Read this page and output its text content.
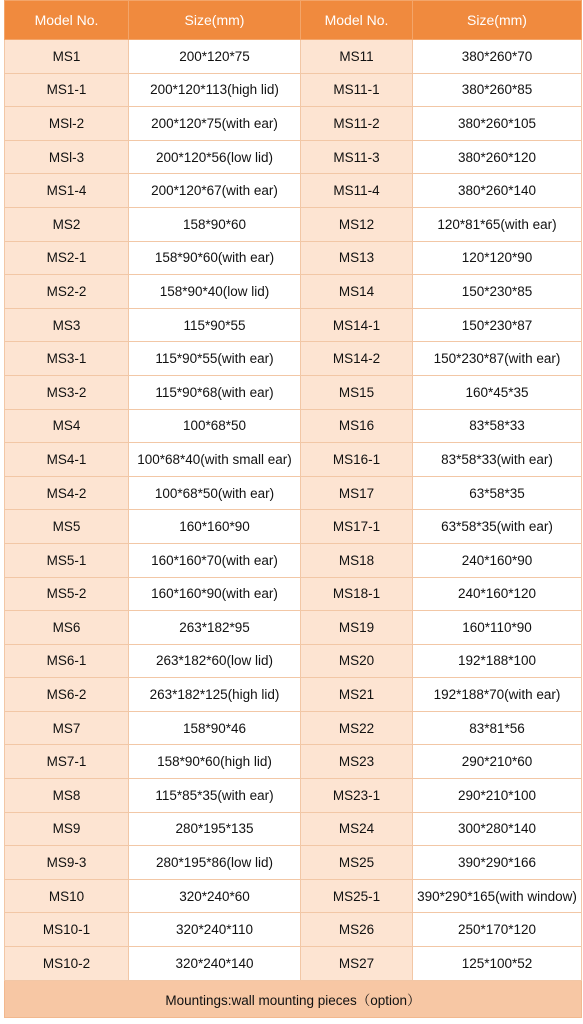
Model No.	Size(mm)	Model No.	Size(mm)
MS1	200*120*75	MS11	380*260*70
MS1-1	200*120*113(high lid)	MS11-1	380*260*85
MSl-2	200*120*75(with ear)	MS11-2	380*260*105
MSl-3	200*120*56(low lid)	MS11-3	380*260*120
MS1-4	200*120*67(with ear)	MS11-4	380*260*140
MS2	158*90*60	MS12	120*81*65(with ear)
MS2-1	158*90*60(with ear)	MS13	120*120*90
MS2-2	158*90*40(low lid)	MS14	150*230*85
MS3	115*90*55	MS14-1	150*230*87
MS3-1	115*90*55(with ear)	MS14-2	150*230*87(with ear)
MS3-2	115*90*68(with ear)	MS15	160*45*35
MS4	100*68*50	MS16	83*58*33
MS4-1	100*68*40(with small ear)	MS16-1	83*58*33(with ear)
MS4-2	100*68*50(with ear)	MS17	63*58*35
MS5	160*160*90	MS17-1	63*58*35(with ear)
MS5-1	160*160*70(with ear)	MS18	240*160*90
MS5-2	160*160*90(with ear)	MS18-1	240*160*120
MS6	263*182*95	MS19	160*110*90
MS6-1	263*182*60(low lid)	MS20	192*188*100
MS6-2	263*182*125(high lid)	MS21	192*188*70(with ear)
MS7	158*90*46	MS22	83*81*56
MS7-1	158*90*60(high lid)	MS23	290*210*60
MS8	115*85*35(with ear)	MS23-1	290*210*100
MS9	280*195*135	MS24	300*280*140
MS9-3	280*195*86(low lid)	MS25	390*290*166
MS10	320*240*60	MS25-1	390*290*165(with window)
MS10-1	320*240*110	MS26	250*170*120
MS10-2	320*240*140	MS27	125*100*52
Mountings:wall mounting pieces（option）			
